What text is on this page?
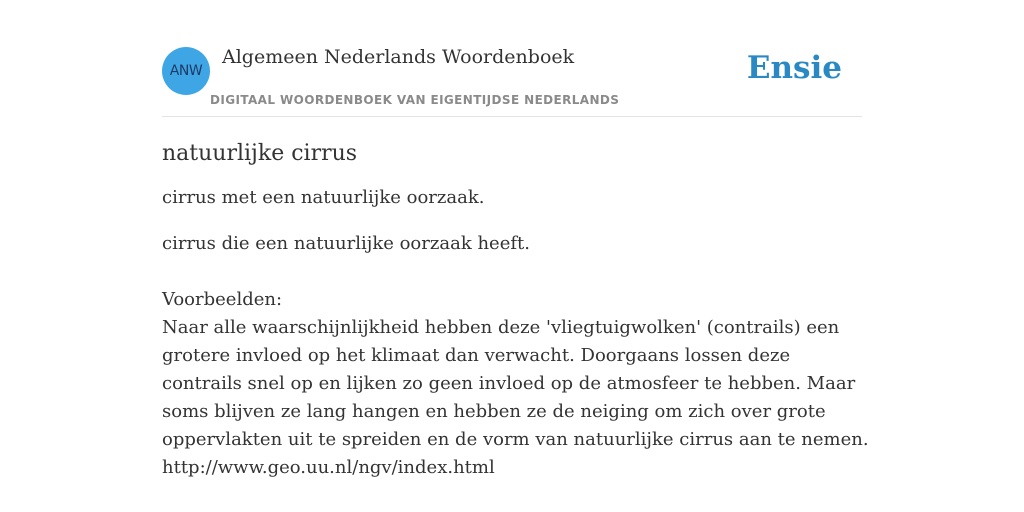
ANW
Algemeen Nederlands Woordenboek
DIGITAAL WOORDENBOEK VAN EIGENTIJDSE NEDERLANDS
Ensie
natuurlijke cirrus

cirrus met een natuurlijke oorzaak.

cirrus die een natuurlijke oorzaak heeft.

Voorbeelden:
Naar alle waarschijnlijkheid hebben deze 'vliegtuigwolken' (contrails) een grotere invloed op het klimaat dan verwacht. Doorgaans lossen deze contrails snel op en lijken zo geen invloed op de atmosfeer te hebben. Maar soms blijven ze lang hangen en hebben ze de neiging om zich over grote oppervlakten uit te spreiden en de vorm van natuurlijke cirrus aan te nemen.
http://www.geo.uu.nl/ngv/index.html
